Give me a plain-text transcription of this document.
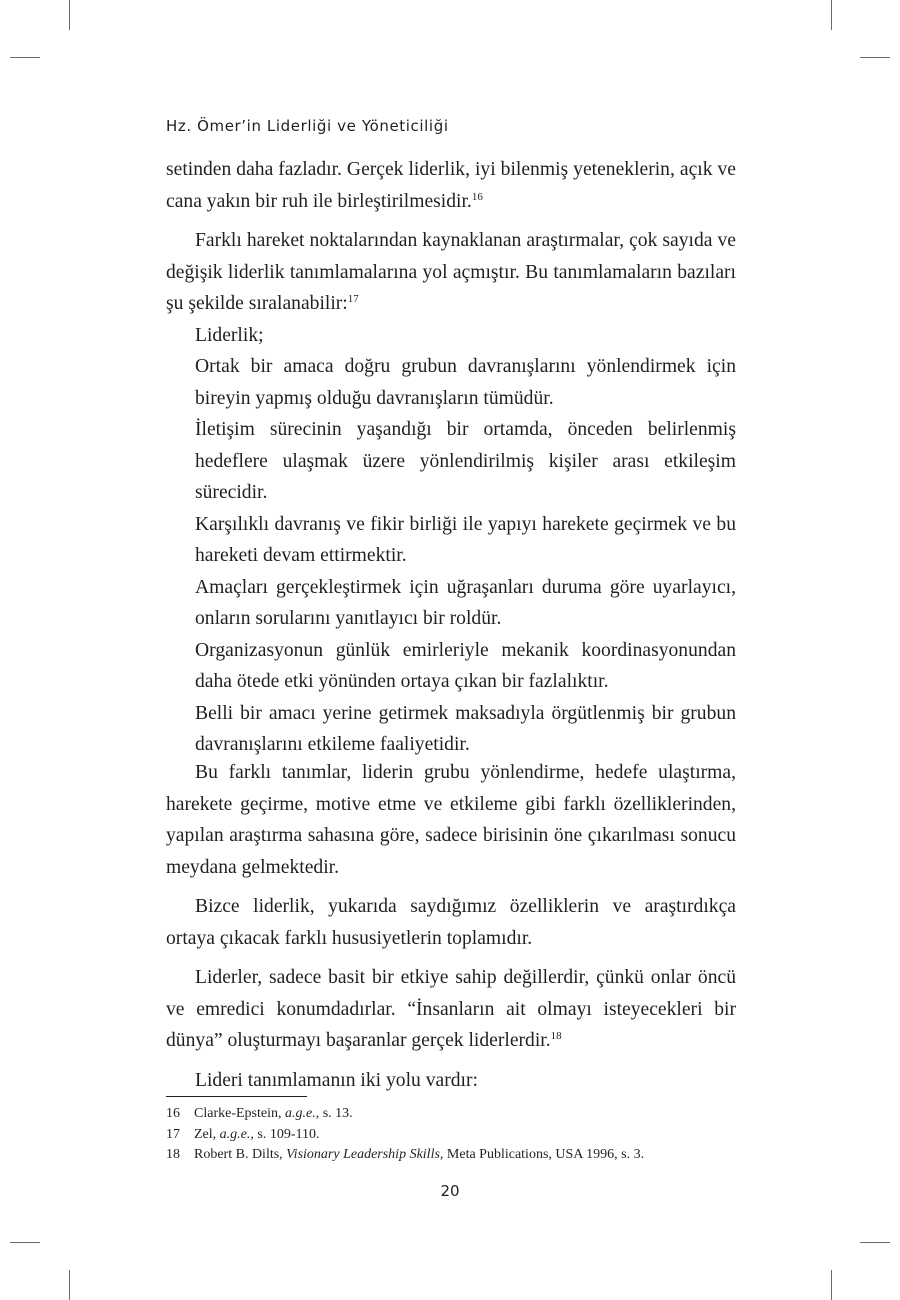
Hz. Ömer’in Liderliği ve Yöneticiliği

setinden daha fazladır. Gerçek liderlik, iyi bilenmiş yeteneklerin, açık ve cana yakın bir ruh ile birleştirilmesidir.$^{16}$

Farklı hareket noktalarından kaynaklanan araştırmalar, çok sayıda ve değişik liderlik tanımlamalarına yol açmıştır. Bu tanımlamaların bazıları şu şekilde sıralanabilir:$^{17}$

Liderlik;

Ortak bir amaca doğru grubun davranışlarını yönlendirmek için bireyin yapmış olduğu davranışların tümüdür.

İletişim sürecinin yaşandığı bir ortamda, önceden belirlenmiş hedeflere ulaşmak üzere yönlendirilmiş kişiler arası etkileşim sürecidir.

Karşılıklı davranış ve fikir birliği ile yapıyı harekete geçirmek ve bu hareketi devam ettirmektir.

Amaçları gerçekleştirmek için uğraşanları duruma göre uyarlayıcı, onların sorularını yanıtlayıcı bir roldür.

Organizasyonun günlük emirleriyle mekanik koordinasyonundan daha ötede etki yönünden ortaya çıkan bir fazlalıktır.

Belli bir amacı yerine getirmek maksadıyla örgütlenmiş bir grubun davranışlarını etkileme faaliyetidir.

Bu farklı tanımlar, liderin grubu yönlendirme, hedefe ulaştırma, harekete geçirme, motive etme ve etkileme gibi farklı özelliklerinden, yapılan araştırma sahasına göre, sadece birisinin öne çıkarılması sonucu meydana gelmektedir.

Bizce liderlik, yukarıda saydığımız özelliklerin ve araştırdıkça ortaya çıkacak farklı hususiyetlerin toplamıdır.

Liderler, sadece basit bir etkiye sahip değillerdir, çünkü onlar öncü ve emredici konumdadırlar. “İnsanların ait olmayı isteyecekleri bir dünya” oluşturmayı başaranlar gerçek liderlerdir.$^{18}$

Lideri tanımlamanın iki yolu vardır:

16	Clarke-Epstein, a.g.e., s. 13.
17	Zel, a.g.e., s. 109-110.
18	Robert B. Dilts, Visionary Leadership Skills, Meta Publications, USA 1996, s. 3.
20
